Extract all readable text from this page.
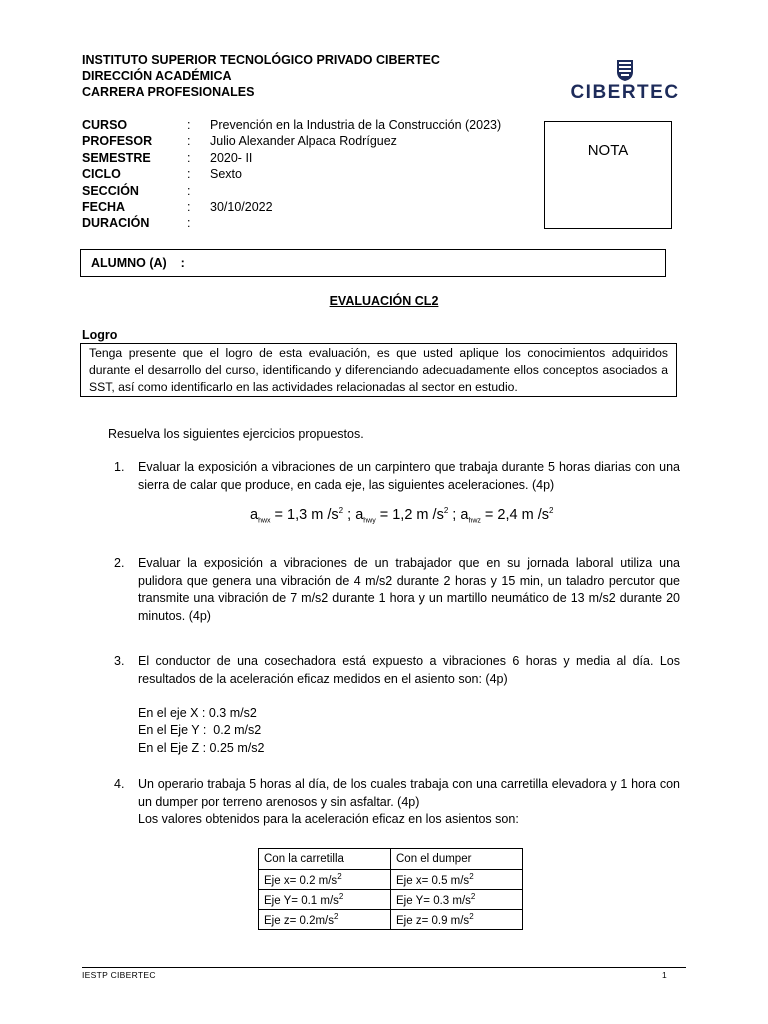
INSTITUTO SUPERIOR TECNOLÓGICO PRIVADO CIBERTEC
DIRECCIÓN ACADÉMICA
CARRERA PROFESIONALES	CIBERTEC
CURSO	: Prevención en la Industria de la Construcción (2023)
PROFESOR	: Julio Alexander Alpaca Rodríguez
SEMESTRE	: 2020- II
CICLO	: Sexto
SECCIÓN	:
FECHA	: 30/10/2022
DURACIÓN	:
NOTA
ALUMNO (A)    :
EVALUACIÓN CL2
Logro
Tenga presente que el logro de esta evaluación, es que usted aplique los conocimientos adquiridos durante el desarrollo del curso, identificando y diferenciando adecuadamente ellos conceptos asociados a SST, así como identificarlo en las actividades relacionadas al sector en estudio.
Resuelva los siguientes ejercicios propuestos.
1. Evaluar la exposición a vibraciones de un carpintero que trabaja durante 5 horas diarias con una sierra de calar que produce, en cada eje, las siguientes aceleraciones. (4p)
$a_{hwx} = 1,3$ m $/s^2$ ; $a_{hwy} = 1,2$ m $/s^2$ ; $a_{hwz} = 2,4$ m $/s^2$
2. Evaluar la exposición a vibraciones de un trabajador que en su jornada laboral utiliza una pulidora que genera una vibración de 4 m/s2 durante 2 horas y 15 min, un taladro percutor que transmite una vibración de 7 m/s2 durante 1 hora y un martillo neumático de 13 m/s2 durante 20 minutos. (4p)
3. El conductor de una cosechadora está expuesto a vibraciones 6 horas y media al día. Los resultados de la aceleración eficaz medidos en el asiento son: (4p)
En el eje X : 0.3 m/s2
En el Eje Y :  0.2 m/s2
En el Eje Z : 0.25 m/s2
4. Un operario trabaja 5 horas al día, de los cuales trabaja con una carretilla elevadora y 1 hora con un dumper por terreno arenosos y sin asfaltar. (4p)
Los valores obtenidos para la aceleración eficaz en los asientos son:
Con la carretilla	Con el dumper
Eje x= 0.2 $m/s^2$	Eje x= 0.5 $m/s^2$
Eje Y= 0.1 $m/s^2$	Eje Y= 0.3 $m/s^2$
Eje $z= 0.2m/s^2$	Eje z= 0.9 $m/s^2$
IESTP CIBERTEC	1
